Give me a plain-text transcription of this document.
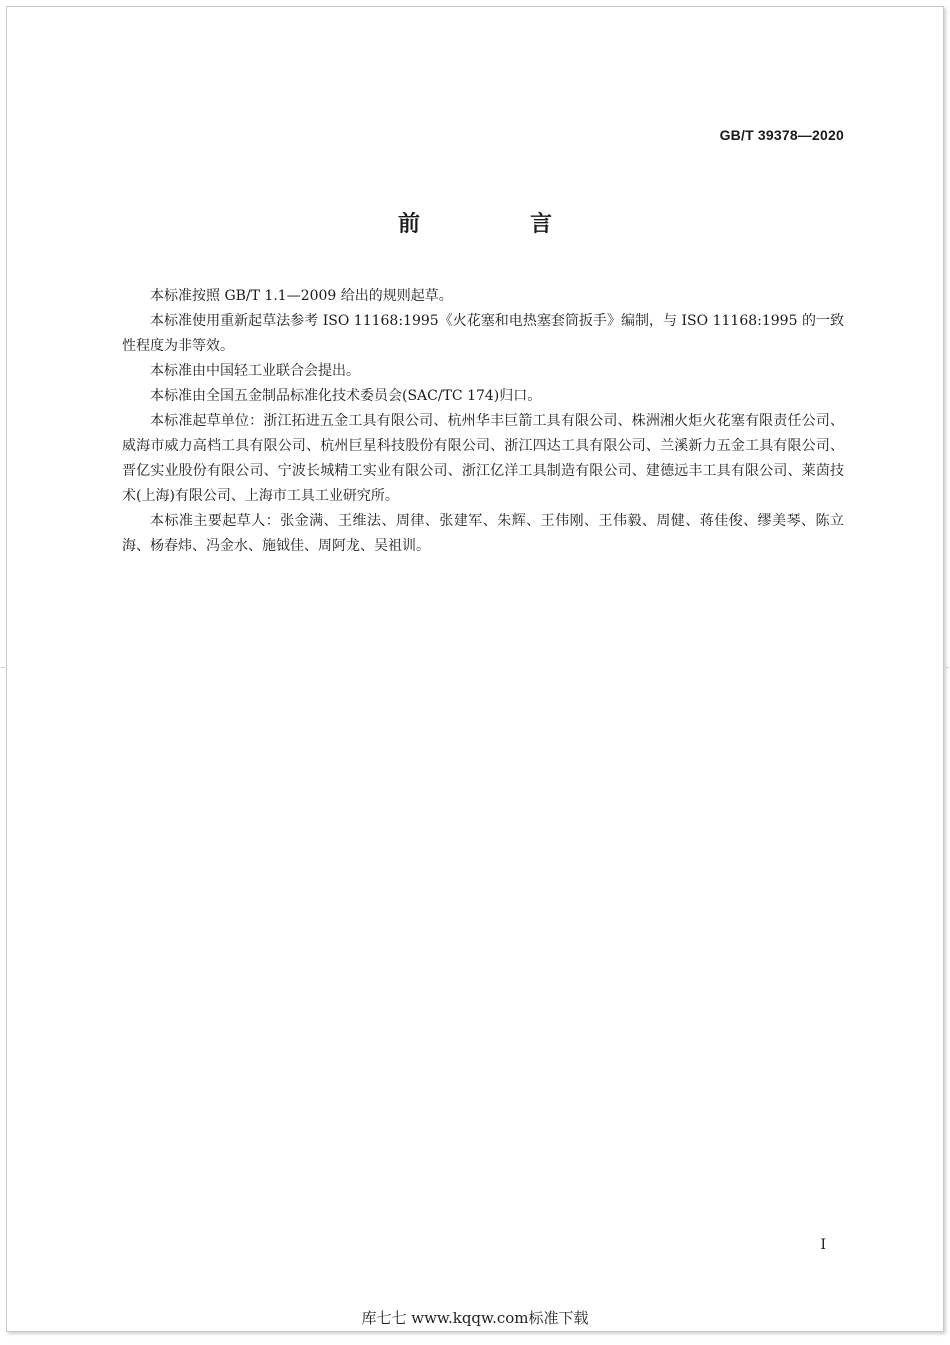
GB/T 39378—2020
前　言

本标准按照 GB/T 1.1—2009 给出的规则起草。

本标准使用重新起草法参考 ISO 11168:1995《火花塞和电热塞套筒扳手》编制，与 ISO 11168:1995 的一致性程度为非等效。

本标准由中国轻工业联合会提出。

本标准由全国五金制品标准化技术委员会(SAC/TC 174)归口。

本标准起草单位：浙江拓进五金工具有限公司、杭州华丰巨箭工具有限公司、株洲湘火炬火花塞有限责任公司、威海市威力高档工具有限公司、杭州巨星科技股份有限公司、浙江四达工具有限公司、兰溪新力五金工具有限公司、晋亿实业股份有限公司、宁波长城精工实业有限公司、浙江亿洋工具制造有限公司、建德远丰工具有限公司、莱茵技术(上海)有限公司、上海市工具工业研究所。

本标准主要起草人：张金满、王维法、周律、张建军、朱辉、王伟刚、王伟毅、周健、蒋佳俊、缪美琴、陈立海、杨春炜、冯金水、施钺佳、周阿龙、吴祖训。

I
库七七 www.kqqw.com标准下载
